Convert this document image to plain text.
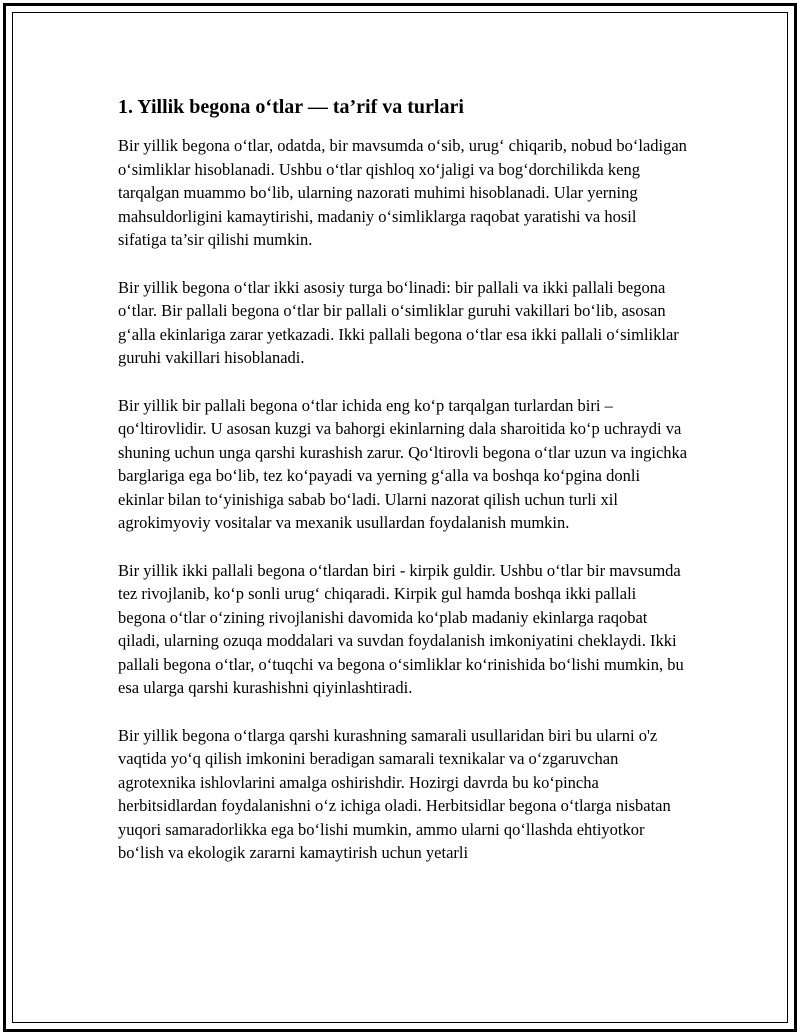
1. Yillik begona o‘tlar — ta’rif va turlari

Bir yillik begona o‘tlar, odatda, bir mavsumda o‘sib, urug‘ chiqarib, nobud bo‘ladigan o‘simliklar hisoblanadi. Ushbu o‘tlar qishloq xo‘jaligi va bog‘dorchilikda keng tarqalgan muammo bo‘lib, ularning nazorati muhimi hisoblanadi. Ular yerning mahsuldorligini kamaytirishi, madaniy o‘simliklarga raqobat yaratishi va hosil sifatiga ta’sir qilishi mumkin.

Bir yillik begona o‘tlar ikki asosiy turga bo‘linadi: bir pallali va ikki pallali begona o‘tlar. Bir pallali begona o‘tlar bir pallali o‘simliklar guruhi vakillari bo‘lib, asosan g‘alla ekinlariga zarar yetkazadi. Ikki pallali begona o‘tlar esa ikki pallali o‘simliklar guruhi vakillari hisoblanadi.

Bir yillik bir pallali begona o‘tlar ichida eng ko‘p tarqalgan turlardan biri – qo‘ltirovlidir. U asosan kuzgi va bahorgi ekinlarning dala sharoitida ko‘p uchraydi va shuning uchun unga qarshi kurashish zarur. Qo‘ltirovli begona o‘tlar uzun va ingichka barglariga ega bo‘lib, tez ko‘payadi va yerning g‘alla va boshqa ko‘pgina donli ekinlar bilan to‘yinishiga sabab bo‘ladi. Ularni nazorat qilish uchun turli xil agrokimyoviy vositalar va mexanik usullardan foydalanish mumkin.

Bir yillik ikki pallali begona o‘tlardan biri - kirpik guldir. Ushbu o‘tlar bir mavsumda tez rivojlanib, ko‘p sonli urug‘ chiqaradi. Kirpik gul hamda boshqa ikki pallali begona o‘tlar o‘zining rivojlanishi davomida ko‘plab madaniy ekinlarga raqobat qiladi, ularning ozuqa moddalari va suvdan foydalanish imkoniyatini cheklaydi. Ikki pallali begona o‘tlar, o‘tuqchi va begona o‘simliklar ko‘rinishida bo‘lishi mumkin, bu esa ularga qarshi kurashishni qiyinlashtiradi.

Bir yillik begona o‘tlarga qarshi kurashning samarali usullaridan biri bu ularni o'z vaqtida yo‘q qilish imkonini beradigan samarali texnikalar va o‘zgaruvchan agrotexnika ishlovlarini amalga oshirishdir. Hozirgi davrda bu ko‘pincha herbitsidlardan foydalanishni o‘z ichiga oladi. Herbitsidlar begona o‘tlarga nisbatan yuqori samaradorlikka ega bo‘lishi mumkin, ammo ularni qo‘llashda ehtiyotkor bo‘lish va ekologik zararni kamaytirish uchun yetarli
